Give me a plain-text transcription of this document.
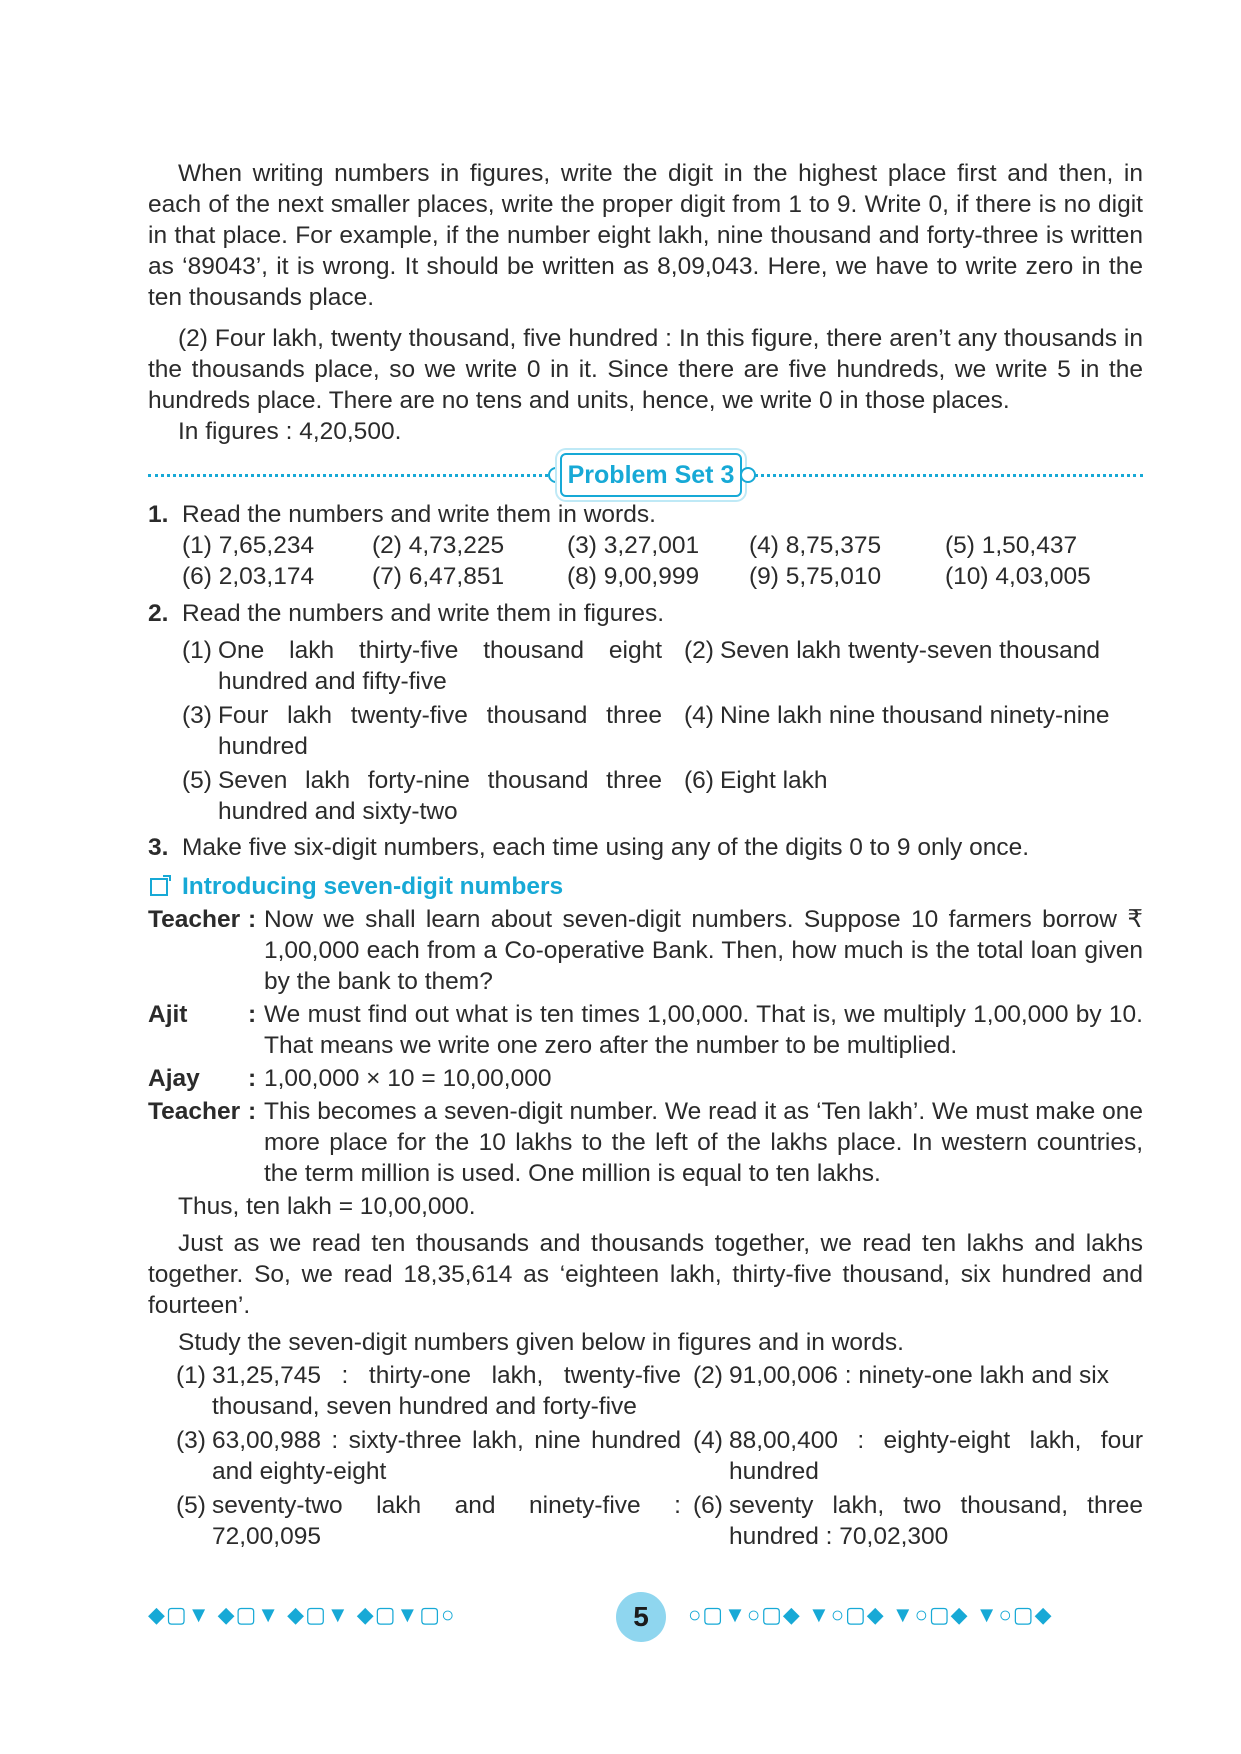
When writing numbers in figures, write the digit in the highest place first and then, in each of the next smaller places, write the proper digit from 1 to 9. Write 0, if there is no digit in that place. For example, if the number eight lakh, nine thousand and forty-three is written as ‘89043’, it is wrong. It should be written as 8,09,043. Here, we have to write zero in the ten thousands place.

(2) Four lakh, twenty thousand, five hundred : In this figure, there aren’t any thousands in the thousands place, so we write 0 in it. Since there are five hundreds, we write 5 in the hundreds place. There are no tens and units, hence, we write 0 in those places.

In figures : 4,20,500.

Problem Set 3
1. Read the numbers and write them in words.
(1) 7,65,234	(2) 4,73,225	(3) 3,27,001	(4) 8,75,375	(5) 1,50,437
(6) 2,03,174	(7) 6,47,851	(8) 9,00,999	(9) 5,75,010	(10) 4,03,005
2. Read the numbers and write them in figures.
(1) One lakh thirty-five thousand eight hundred and fifty-five
(2) Seven lakh twenty-seven thousand
(3) Four lakh twenty-five thousand three hundred
(4) Nine lakh nine thousand ninety-nine
(5) Seven lakh forty-nine thousand three hundred and sixty-two
(6) Eight lakh
3. Make five six-digit numbers, each time using any of the digits 0 to 9 only once.
Introducing seven-digit numbers
Teacher : Now we shall learn about seven-digit numbers. Suppose 10 farmers borrow ₹ 1,00,000 each from a Co-operative Bank. Then, how much is the total loan given by the bank to them?
Ajit	: We must find out what is ten times 1,00,000. That is, we multiply 1,00,000 by 10. That means we write one zero after the number to be multiplied.
Ajay	: 1,00,000 × 10 = 10,00,000
Teacher : This becomes a seven-digit number. We read it as ‘Ten lakh’. We must make one more place for the 10 lakhs to the left of the lakhs place. In western countries, the term million is used. One million is equal to ten lakhs.

Thus, ten lakh = 10,00,000.

Just as we read ten thousands and thousands together, we read ten lakhs and lakhs together. So, we read 18,35,614 as ‘eighteen lakh, thirty-five thousand, six hundred and fourteen’.

Study the seven-digit numbers given below in figures and in words.

(1) 31,25,745 : thirty-one lakh, twenty-five thousand, seven hundred and forty-five
(2) 91,00,006 : ninety-one lakh and six
(3) 63,00,988 : sixty-three lakh, nine hundred and eighty-eight
(4) 88,00,400 : eighty-eight lakh, four hundred
(5) seventy-two lakh and ninety-five : 72,00,095
(6) seventy lakh, two thousand, three hundred : 70,02,300
◆▢▼ ◆▢▼ ◆▢▼ ◆▢▼▢○	5	○▢▼○▢◆ ▼○▢◆ ▼○▢◆ ▼○▢◆
